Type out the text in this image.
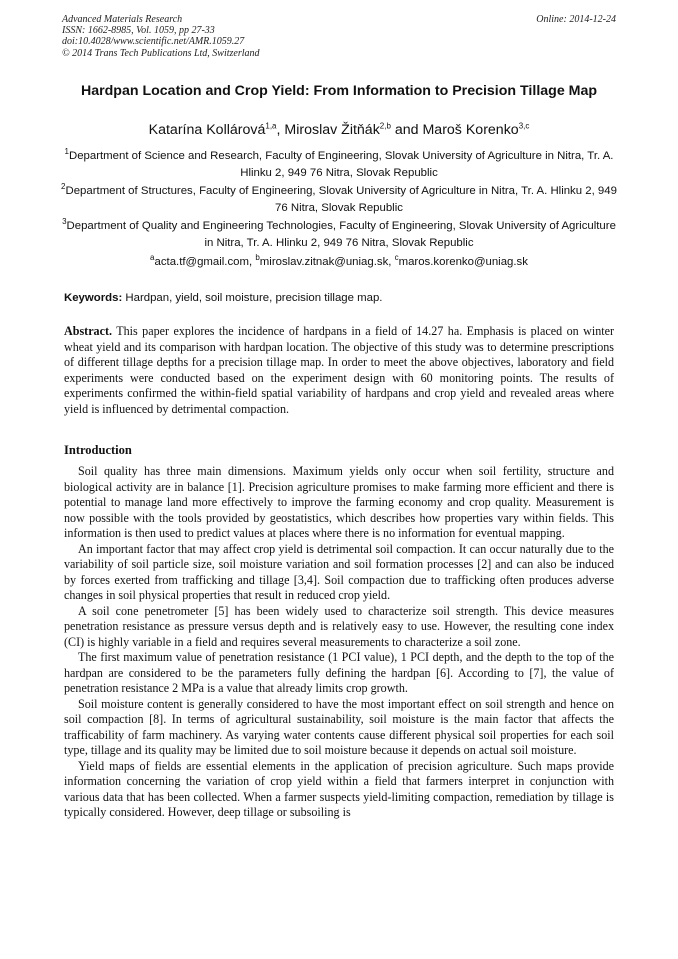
Advanced Materials Research
ISSN: 1662-8985, Vol. 1059, pp 27-33
doi:10.4028/www.scientific.net/AMR.1059.27
© 2014 Trans Tech Publications Ltd, Switzerland
Online: 2014-12-24
Hardpan Location and Crop Yield: From Information to Precision Tillage Map
Katarína Kollárová$^{1,a}$, Miroslav Žitňák$^{2,b}$ and Maroš Korenko$^{3,c}$
$^1$Department of Science and Research, Faculty of Engineering, Slovak University of Agriculture in Nitra, Tr. A. Hlinku 2, 949 76 Nitra, Slovak Republic
$^2$Department of Structures, Faculty of Engineering, Slovak University of Agriculture in Nitra, Tr. A. Hlinku 2, 949 76 Nitra, Slovak Republic
$^3$Department of Quality and Engineering Technologies, Faculty of Engineering, Slovak University of Agriculture in Nitra, Tr. A. Hlinku 2, 949 76 Nitra, Slovak Republic
$^a$acta.tf@gmail.com, $^b$miroslav.zitnak@uniag.sk, $^c$maros.korenko@uniag.sk
Keywords: Hardpan, yield, soil moisture, precision tillage map.
Abstract. This paper explores the incidence of hardpans in a field of 14.27 ha. Emphasis is placed on winter wheat yield and its comparison with hardpan location. The objective of this study was to determine prescriptions of different tillage depths for a precision tillage map. In order to meet the above objectives, laboratory and field experiments were conducted based on the experiment design with 60 monitoring points. The results of experiments confirmed the within-field spatial variability of hardpans and crop yield and revealed areas where yield is influenced by detrimental compaction.
Introduction

Soil quality has three main dimensions. Maximum yields only occur when soil fertility, structure and biological activity are in balance [1]. Precision agriculture promises to make farming more efficient and there is potential to manage land more effectively to improve the farming economy and crop quality. Measurement is now possible with the tools provided by geostatistics, which describes how properties vary within fields. This information is then used to predict values at places where there is no information for eventual mapping.

An important factor that may affect crop yield is detrimental soil compaction. It can occur naturally due to the variability of soil particle size, soil moisture variation and soil formation processes [2] and can also be induced by forces exerted from trafficking and tillage [3,4]. Soil compaction due to trafficking often produces adverse changes in soil physical properties that result in reduced crop yield.

A soil cone penetrometer [5] has been widely used to characterize soil strength. This device measures penetration resistance as pressure versus depth and is relatively easy to use. However, the resulting cone index (CI) is highly variable in a field and requires several measurements to characterize a soil zone.

The first maximum value of penetration resistance (1 PCI value), 1 PCI depth, and the depth to the top of the hardpan are considered to be the parameters fully defining the hardpan [6]. According to [7], the value of penetration resistance 2 MPa is a value that already limits crop growth.

Soil moisture content is generally considered to have the most important effect on soil strength and hence on soil compaction [8]. In terms of agricultural sustainability, soil moisture is the main factor that affects the trafficability of farm machinery. As varying water contents cause different physical soil properties for each soil type, tillage and its quality may be limited due to soil moisture because it depends on actual soil moisture.

Yield maps of fields are essential elements in the application of precision agriculture. Such maps provide information concerning the variation of crop yield within a field that farmers interpret in conjunction with various data that has been collected. When a farmer suspects yield-limiting compaction, remediation by tillage is typically considered. However, deep tillage or subsoiling is
